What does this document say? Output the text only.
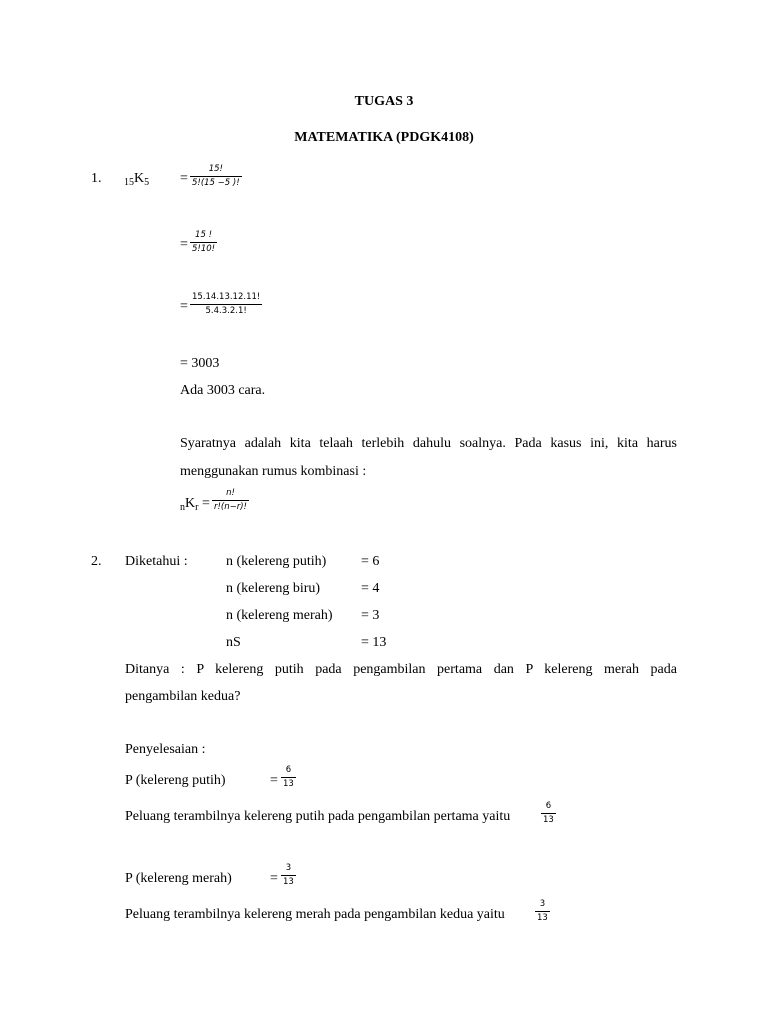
TUGAS 3
MATEMATIKA (PDGK4108)
1. $_{15}K_5$ =
15!
5!(15 −5 )!
=
15 !
5!10!
=
15.14.13.12.11!
5.4.3.2.1!
= 3003
Ada 3003 cara.
Syaratnya adalah kita telaah terlebih dahulu soalnya. Pada kasus ini, kita harus
menggunakan rumus kombinasi :
$_nK_r$ =
n!
r!(n−r)!
2. Diketahui :	n (kelereng putih) = 6
n (kelereng biru)	= 4
n (kelereng merah) = 3
nS	= 13
Ditanya : P kelereng putih pada pengambilan pertama dan P kelereng merah pada
pengambilan kedua?
Penyelesaian :
P (kelereng putih)	=
6
13
Peluang terambilnya kelereng putih pada pengambilan pertama yaitu
6
13
P (kelereng merah)	=
3
13
Peluang terambilnya kelereng merah pada pengambilan kedua yaitu
3
13
